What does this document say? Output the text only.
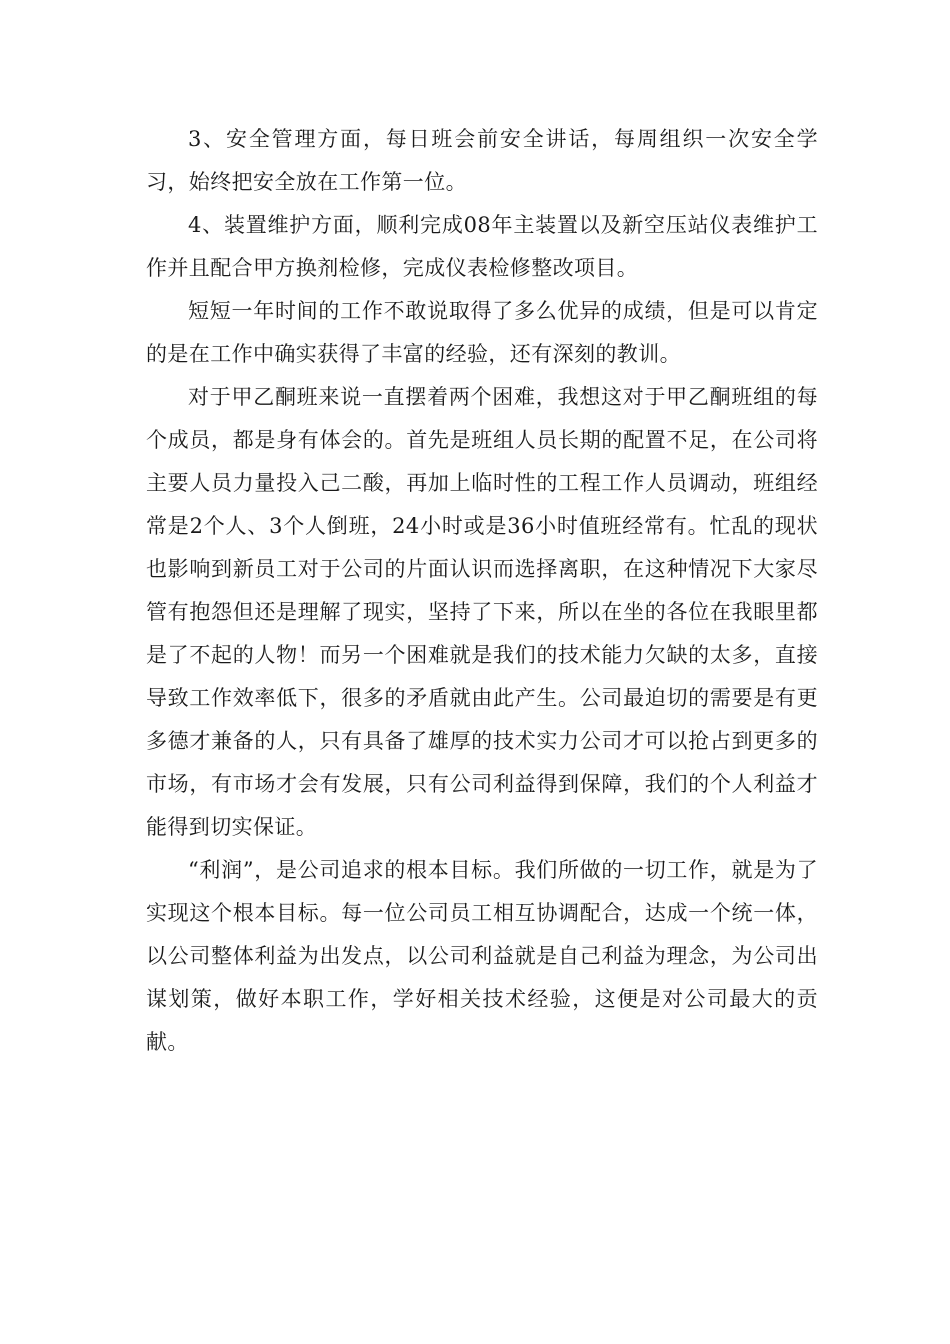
3、安全管理方面，每日班会前安全讲话，每周组织一次安全学习，始终把安全放在工作第一位。

4、装置维护方面，顺利完成08年主装置以及新空压站仪表维护工作并且配合甲方换剂检修，完成仪表检修整改项目。

短短一年时间的工作不敢说取得了多么优异的成绩，但是可以肯定的是在工作中确实获得了丰富的经验，还有深刻的教训。

对于甲乙酮班来说一直摆着两个困难，我想这对于甲乙酮班组的每个成员，都是身有体会的。首先是班组人员长期的配置不足，在公司将主要人员力量投入己二酸，再加上临时性的工程工作人员调动，班组经常是2个人、3个人倒班，24小时或是36小时值班经常有。忙乱的现状也影响到新员工对于公司的片面认识而选择离职，在这种情况下大家尽管有抱怨但还是理解了现实，坚持了下来，所以在坐的各位在我眼里都是了不起的人物！而另一个困难就是我们的技术能力欠缺的太多，直接导致工作效率低下，很多的矛盾就由此产生。公司最迫切的需要是有更多德才兼备的人，只有具备了雄厚的技术实力公司才可以抢占到更多的市场，有市场才会有发展，只有公司利益得到保障，我们的个人利益才能得到切实保证。

“利润”，是公司追求的根本目标。我们所做的一切工作，就是为了实现这个根本目标。每一位公司员工相互协调配合，达成一个统一体，以公司整体利益为出发点，以公司利益就是自己利益为理念，为公司出谋划策，做好本职工作，学好相关技术经验，这便是对公司最大的贡献。
